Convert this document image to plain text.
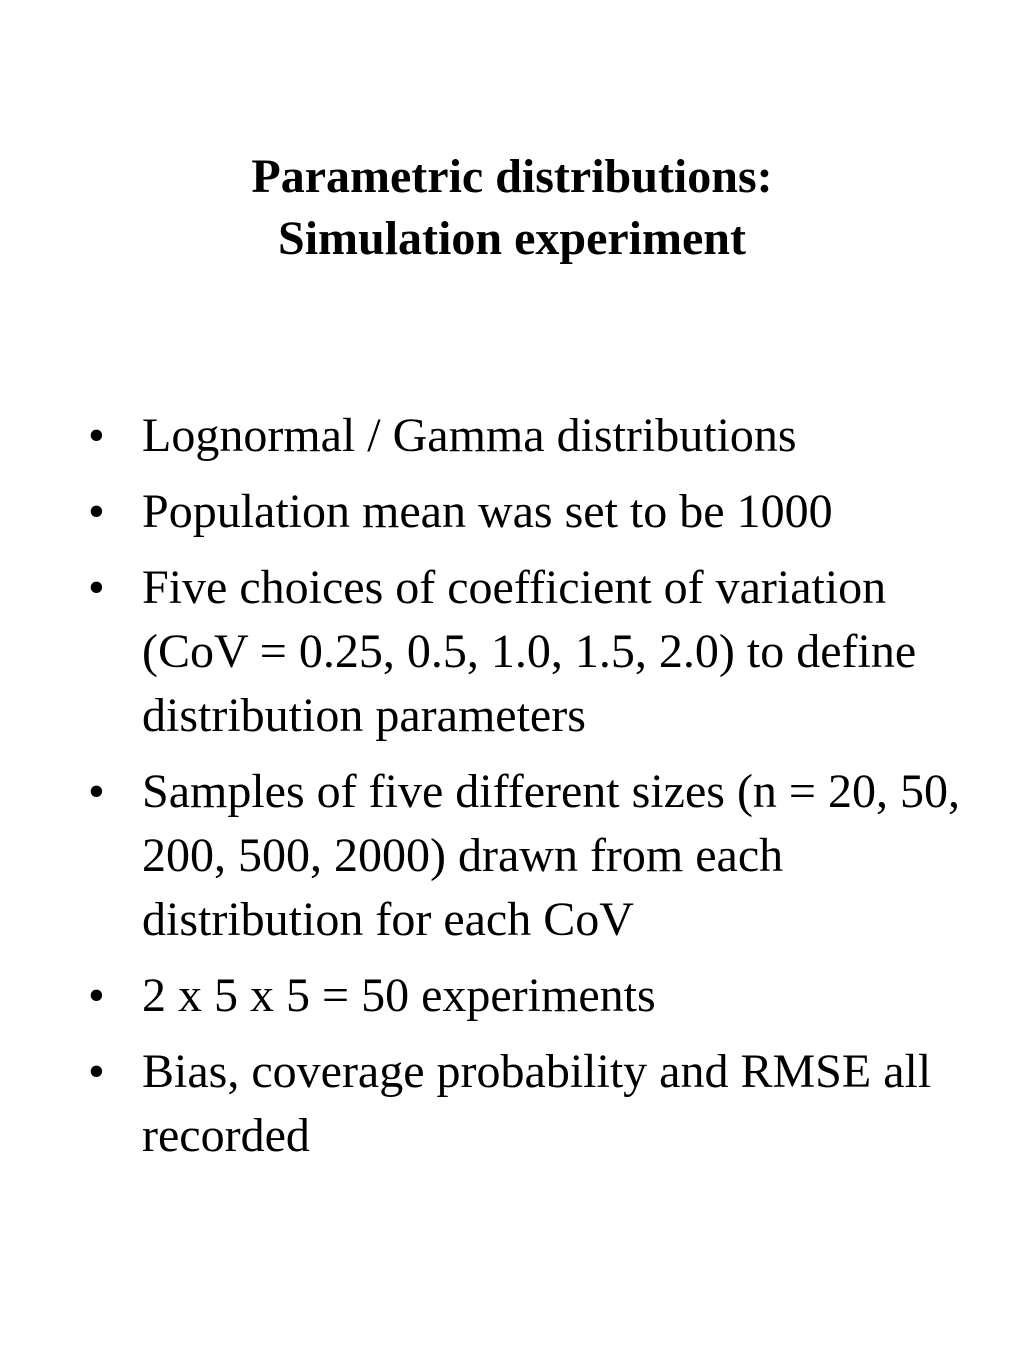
Parametric distributions:
Simulation experiment
• Lognormal / Gamma distributions
• Population mean was set to be 1000
• Five choices of coefficient of variation (CoV = 0.25, 0.5, 1.0, 1.5, 2.0) to define distribution parameters
• Samples of five different sizes (n = 20, 50, 200, 500, 2000) drawn from each distribution for each CoV
• 2 x 5 x 5 = 50 experiments
• Bias, coverage probability and RMSE all recorded
